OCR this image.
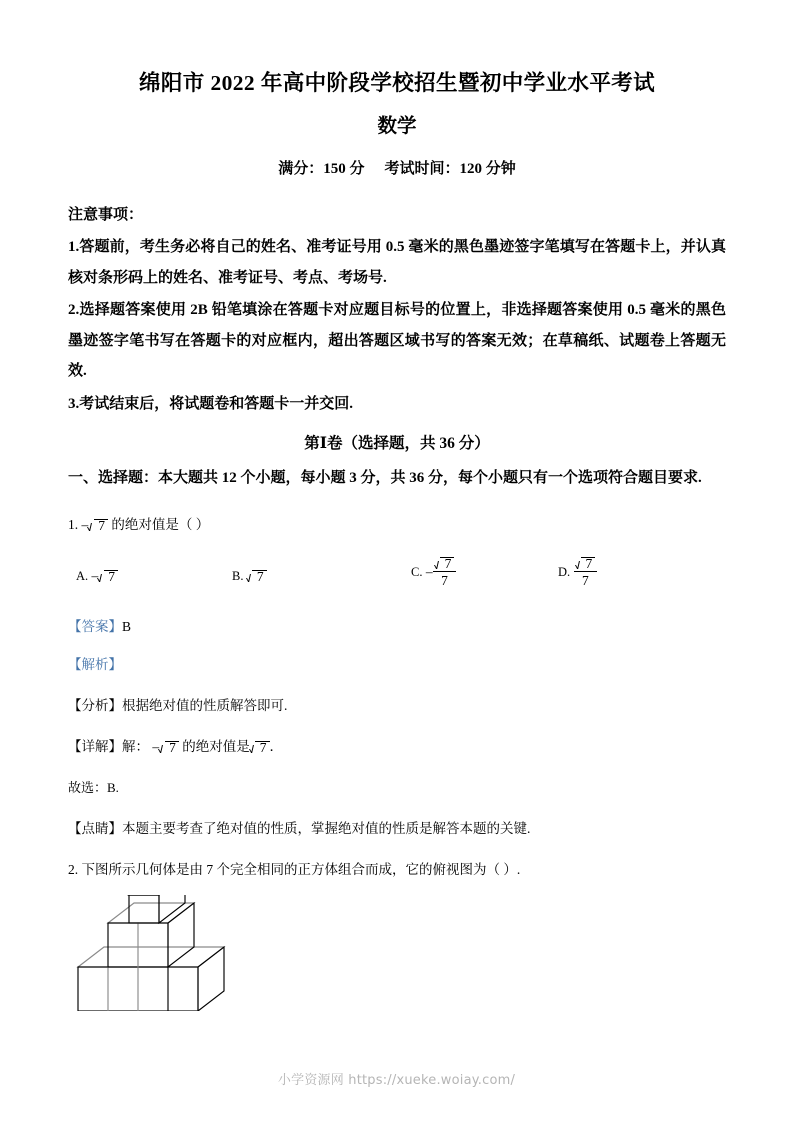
绵阳市 2022 年高中阶段学校招生暨初中学业水平考试
数学
满分：150 分 考试时间：120 分钟
注意事项：

1.答题前，考生务必将自己的姓名、准考证号用 0.5 毫米的黑色墨迹签字笔填写在答题卡上，并认真核对条形码上的姓名、准考证号、考点、考场号.

2.选择题答案使用 2B 铅笔填涂在答题卡对应题目标号的位置上，非选择题答案使用 0.5 毫米的黑色墨迹签字笔书写在答题卡的对应框内，超出答题区域书写的答案无效；在草稿纸、试题卷上答题无效.

3.考试结束后，将试题卷和答题卡一并交回.

第Ⅰ卷（选择题，共 36 分）

一、选择题：本大题共 12 个小题，每小题 3 分，共 36 分，每个小题只有一个选项符合题目要求.

1. – 7 的绝对值是（ ）
A. – 7	B. 7	C. – $\frac{7}{7}$	D. $\frac{7}{7}$
【答案】B
【解析】
【分析】根据绝对值的性质解答即可.
【详解】解： – 7 的绝对值是 7 ．
故选：B.
【点睛】本题主要考查了绝对值的性质，掌握绝对值的性质是解答本题的关键.
2. 下图所示几何体是由 7 个完全相同的正方体组合而成，它的俯视图为（ ）.
小学资源网 https://xueke.woiay.com/
